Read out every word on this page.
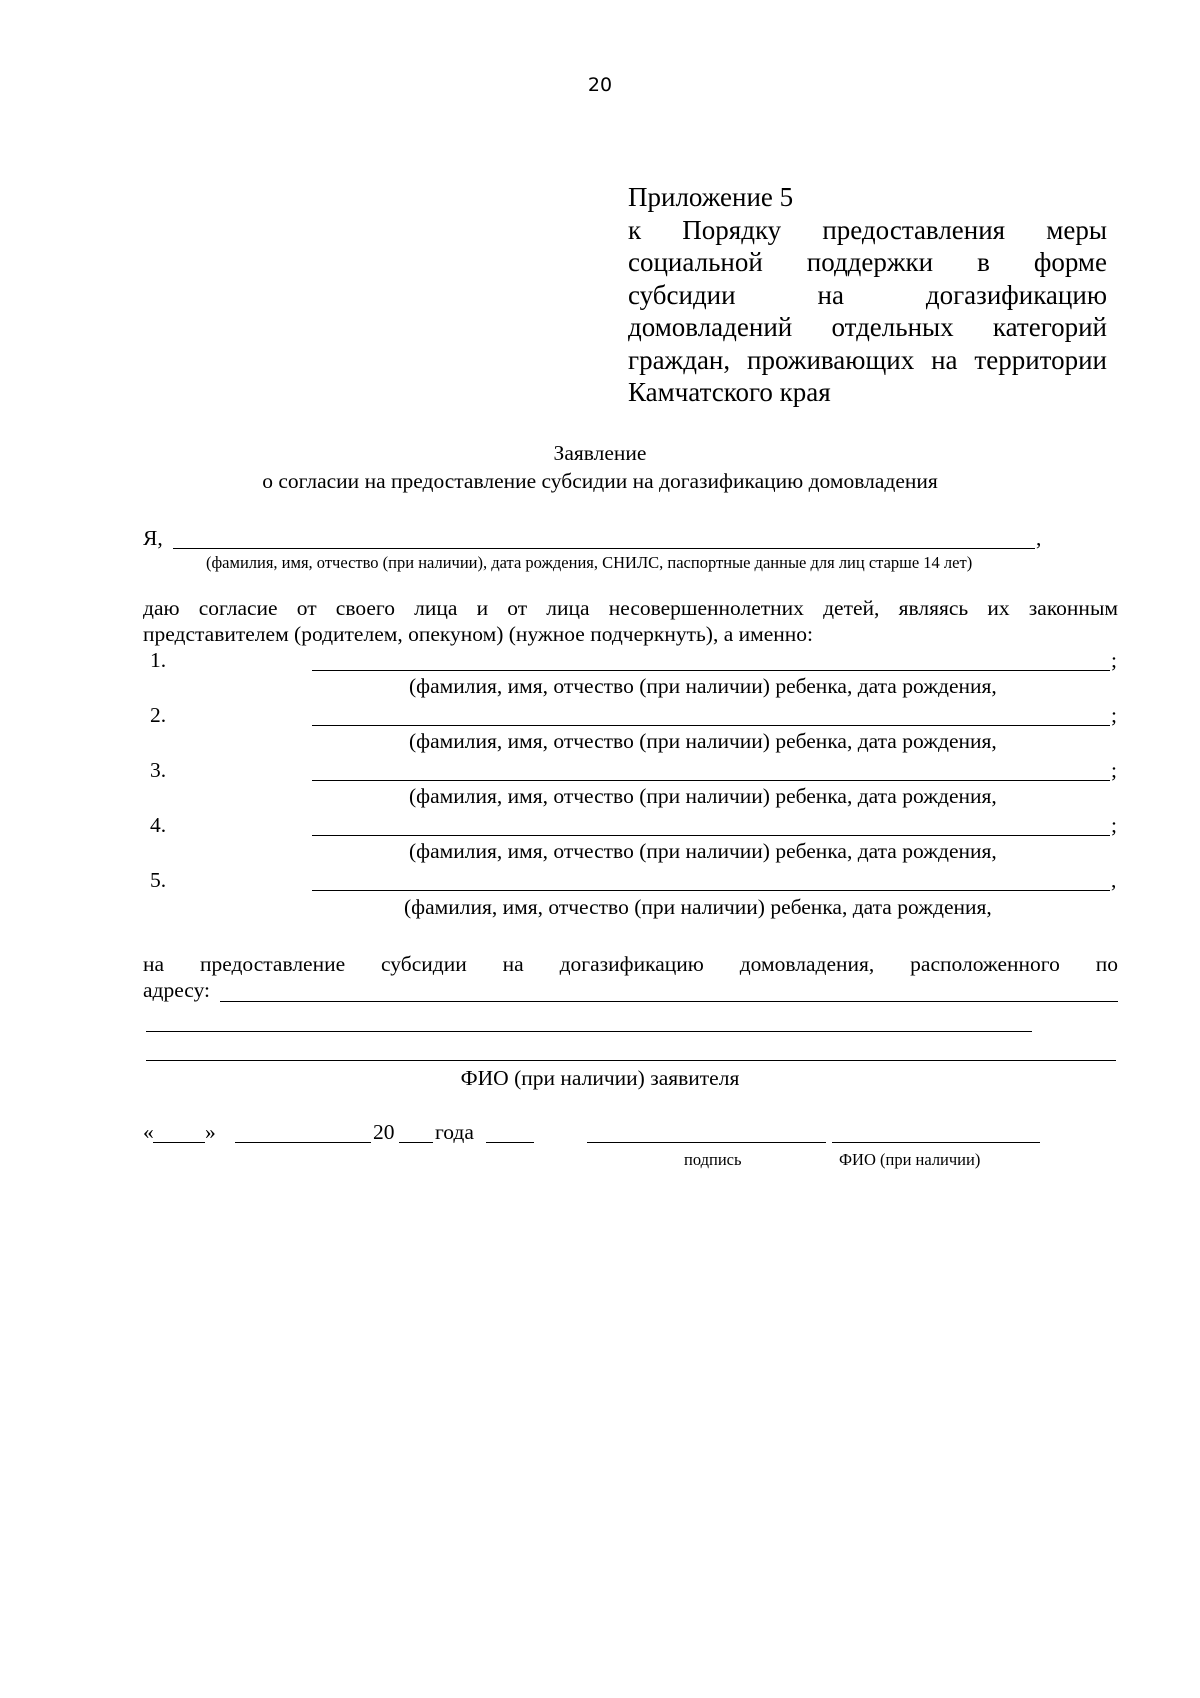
20
Приложение 5
к Порядку предоставления меры
социальной поддержки в форме
субсидии на догазификацию
домовладений отдельных категорий
граждан, проживающих на территории
Камчатского края
Заявление
о согласии на предоставление субсидии на догазификацию домовладения
Я,	,
(фамилия, имя, отчество (при наличии), дата рождения, СНИЛС, паспортные данные для лиц старше 14 лет)
даю согласие от своего лица и от лица несовершеннолетних детей, являясь их законным
представителем (родителем, опекуном) (нужное подчеркнуть), а именно:
1.	;
(фамилия, имя, отчество (при наличии) ребенка, дата рождения,
2.	;
(фамилия, имя, отчество (при наличии) ребенка, дата рождения,
3.	;
(фамилия, имя, отчество (при наличии) ребенка, дата рождения,
4.	;
(фамилия, имя, отчество (при наличии) ребенка, дата рождения,
5.	,
(фамилия, имя, отчество (при наличии) ребенка, дата рождения,
на предоставление субсидии на догазификацию домовладения, расположенного по
адресу:
ФИО (при наличии) заявителя
« »	20 года
подпись	ФИО (при наличии)
